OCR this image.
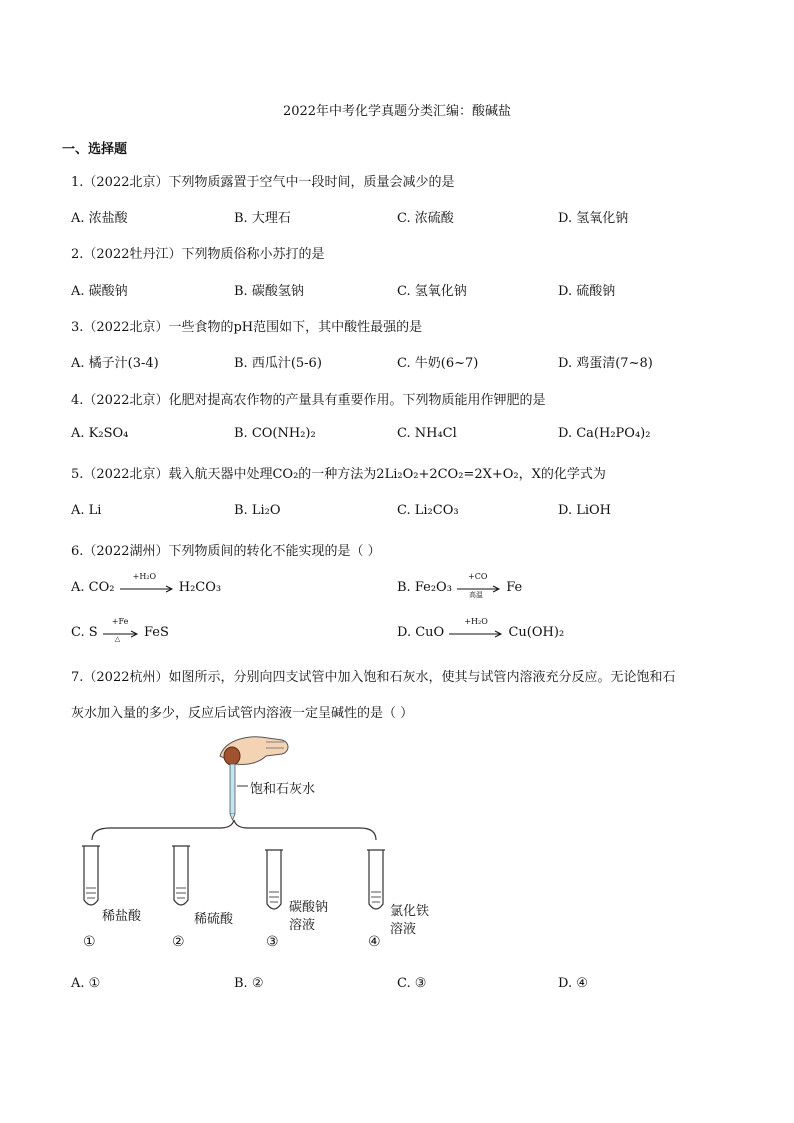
2022年中考化学真题分类汇编：酸碱盐
一、选择题
1.（2022北京）下列物质露置于空气中一段时间，质量会减少的是
A. 浓盐酸	B. 大理石	C. 浓硫酸	D. 氢氧化钠
2.（2022牡丹江）下列物质俗称小苏打的是
A. 碳酸钠	B. 碳酸氢钠	C. 氢氧化钠	D. 硫酸钠
3.（2022北京）一些食物的pH范围如下，其中酸性最强的是
A. 橘子汁(3-4)	B. 西瓜汁(5-6)	C. 牛奶(6~7)	D. 鸡蛋清(7~8)
4.（2022北京）化肥对提高农作物的产量具有重要作用。下列物质能用作钾肥的是
A. K₂SO₄	B. CO(NH₂)₂	C. NH₄Cl	D. Ca(H₂PO₄)₂
5.（2022北京）载入航天器中处理CO₂的一种方法为2Li₂O₂+2CO₂=2X+O₂，X的化学式为
A. Li	B. Li₂O	C. Li₂CO₃	D. LiOH
6.（2022湖州）下列物质间的转化不能实现的是（ ）
A. CO₂
+H₂O
H₂CO₃	B. Fe₂O₃
+CO
高温 Fe
C. S
+Fe
△ FeS	D. CuO
+H₂O
Cu(OH)₂
7.（2022杭州）如图所示，分别向四支试管中加入饱和石灰水，使其与试管内溶液充分反应。无论饱和石
灰水加入量的多少，反应后试管内溶液一定呈碱性的是（ ）
饱和石灰水
稀盐酸
①
稀硫酸
②
碳酸钠
溶液
③
氯化铁
溶液
④
A. ①	B. ②	C. ③	D. ④
